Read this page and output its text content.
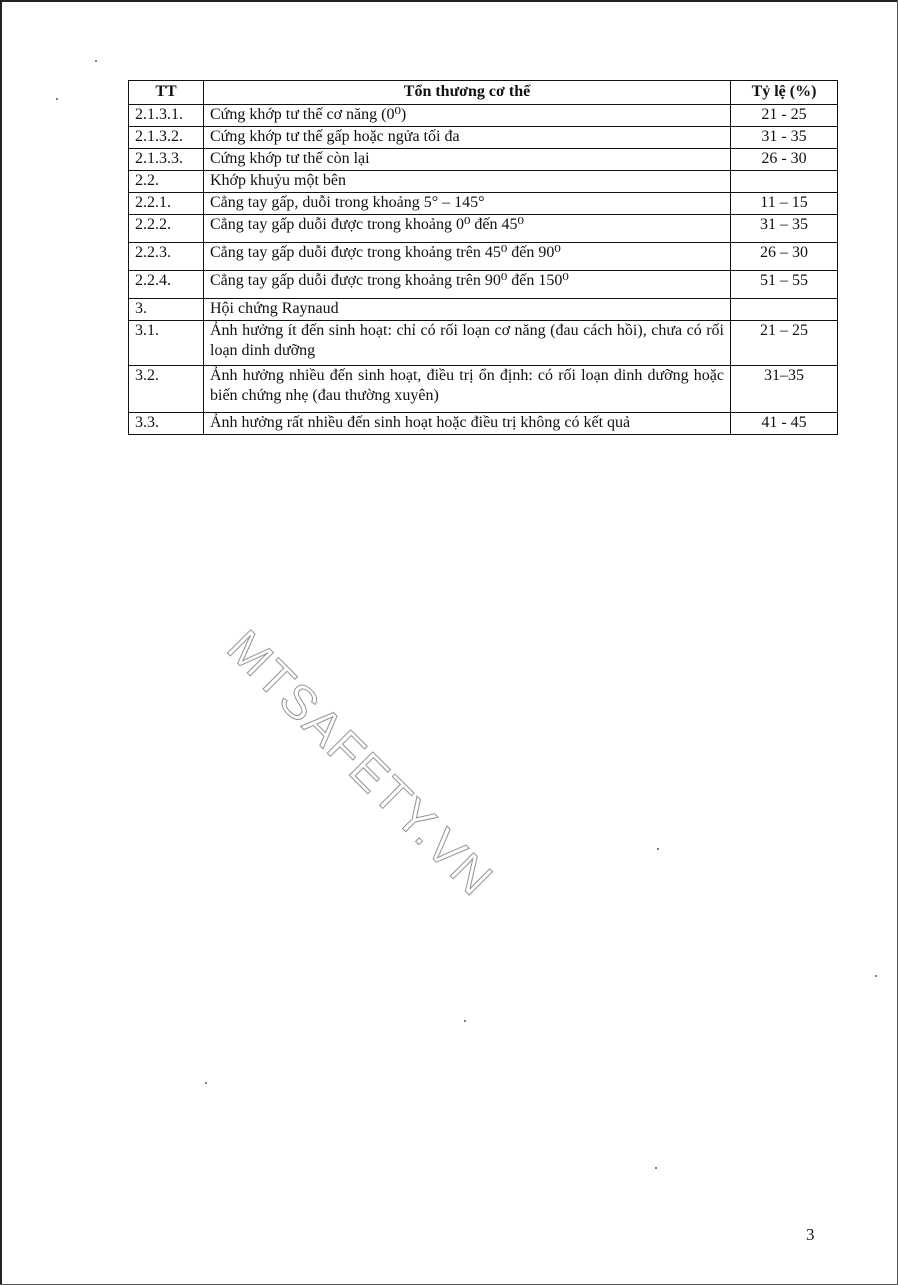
TT	Tổn thương cơ thể	Tỷ lệ (%)
2.1.3.1.	Cứng khớp tư thế cơ năng (0⁰)	21 - 25
2.1.3.2.	Cứng khớp tư thế gấp hoặc ngửa tối đa	31 - 35
2.1.3.3.	Cứng khớp tư thế còn lại	26 - 30
2.2.	Khớp khuỷu một bên	
2.2.1.	Cẳng tay gấp, duỗi trong khoảng 5° – 145°	11 – 15
2.2.2.	Cẳng tay gấp duỗi được trong khoảng 0⁰ đến 45⁰	31 – 35
2.2.3.	Cẳng tay gấp duỗi được trong khoảng trên 45⁰ đến 90⁰	26 – 30
2.2.4.	Cẳng tay gấp duỗi được trong khoảng trên 90⁰ đến 150⁰	51 – 55
3.	Hội chứng Raynaud	
3.1.	Ảnh hưởng ít đến sinh hoạt: chỉ có rối loạn cơ năng (đau cách hồi), chưa có rối loạn dinh dưỡng	21 – 25
3.2.	Ảnh hưởng nhiều đến sinh hoạt, điều trị ổn định: có rối loạn dinh dưỡng hoặc biến chứng nhẹ (đau thường xuyên)	31–35
3.3.	Ảnh hưởng rất nhiều đến sinh hoạt hoặc điều trị không có kết quả	41 - 45
MTSAFETY.VN
3
